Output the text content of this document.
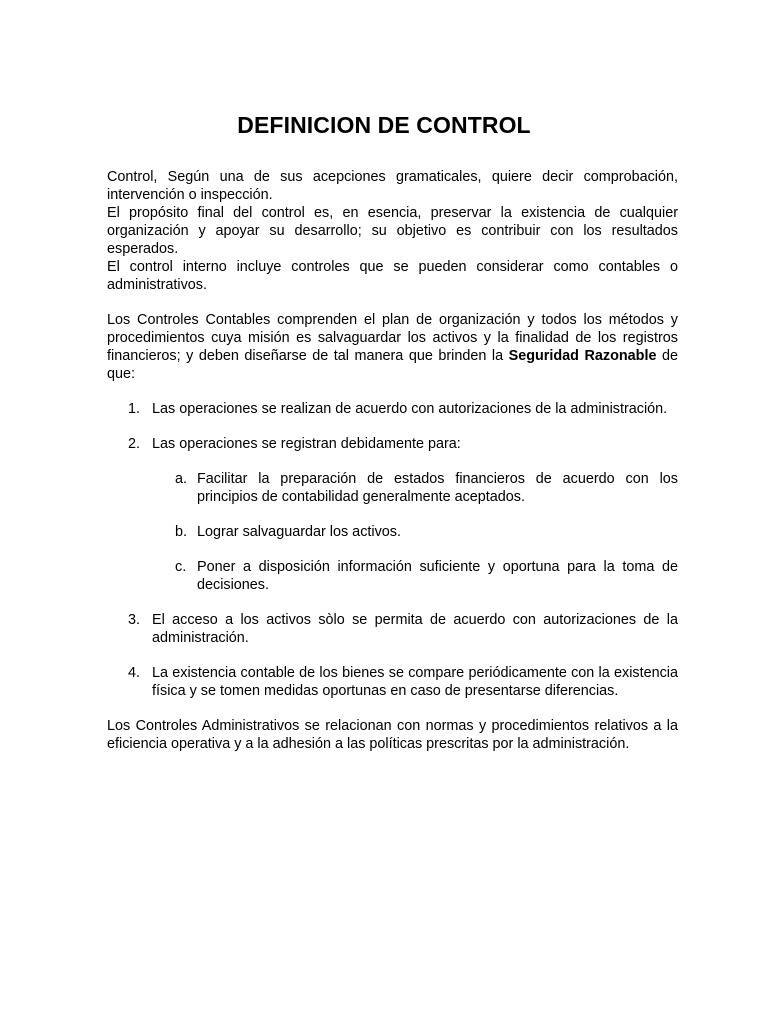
DEFINICION DE CONTROL

Control, Según una de sus acepciones gramaticales, quiere decir comprobación, intervención o inspección.

El propósito final del control es, en esencia, preservar la existencia de cualquier organización y apoyar su desarrollo; su objetivo es contribuir con los resultados esperados.

El control interno incluye controles que se pueden considerar como contables o administrativos.

Los Controles Contables comprenden el plan de organización y todos los métodos y procedimientos cuya misión es salvaguardar los activos y la finalidad de los registros financieros; y deben diseñarse de tal manera que brinden la Seguridad Razonable de que:

1. Las operaciones se realizan de acuerdo con autorizaciones de la administración.
2. Las operaciones se registran debidamente para:
a. Facilitar la preparación de estados financieros de acuerdo con los principios de contabilidad generalmente aceptados.
b. Lograr salvaguardar los activos.
c. Poner a disposición información suficiente y oportuna para la toma de decisiones.
3. El acceso a los activos sòlo se permita de acuerdo con autorizaciones de la administración.
4. La existencia contable de los bienes se compare periódicamente con la existencia física y se tomen medidas oportunas en caso de presentarse diferencias.

Los Controles Administrativos se relacionan con normas y procedimientos relativos a la eficiencia operativa y a la adhesión a las políticas prescritas por la administración.
